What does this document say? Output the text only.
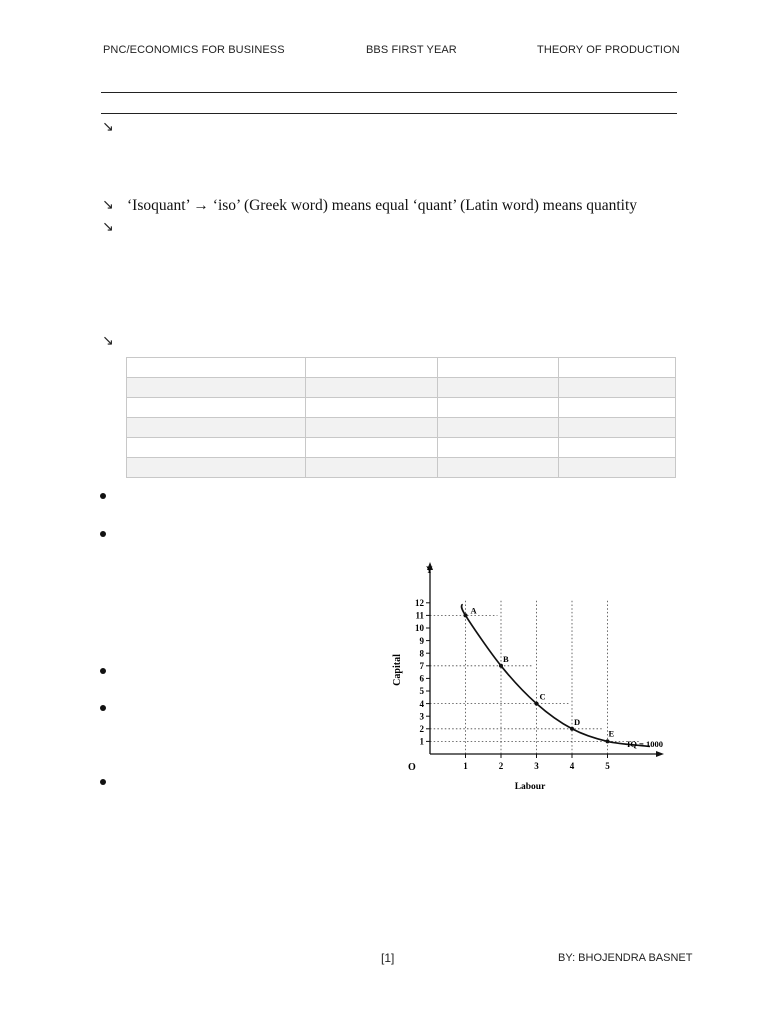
PNC/ECONOMICS FOR BUSINESS	BBS FIRST YEAR	THEORY OF PRODUCTION
↘
↘ ‘Isoquant’ → ‘iso’ (Greek word) means equal ‘quant’ (Latin word) means quantity
↘
↘

Y
O
Capital
Labour
1
2
3
4
5
6
7
8
9
10
11
12
1	2	3	4	5
A
B
C
D
E
IQ = 1000
[1]	BY: BHOJENDRA BASNET
